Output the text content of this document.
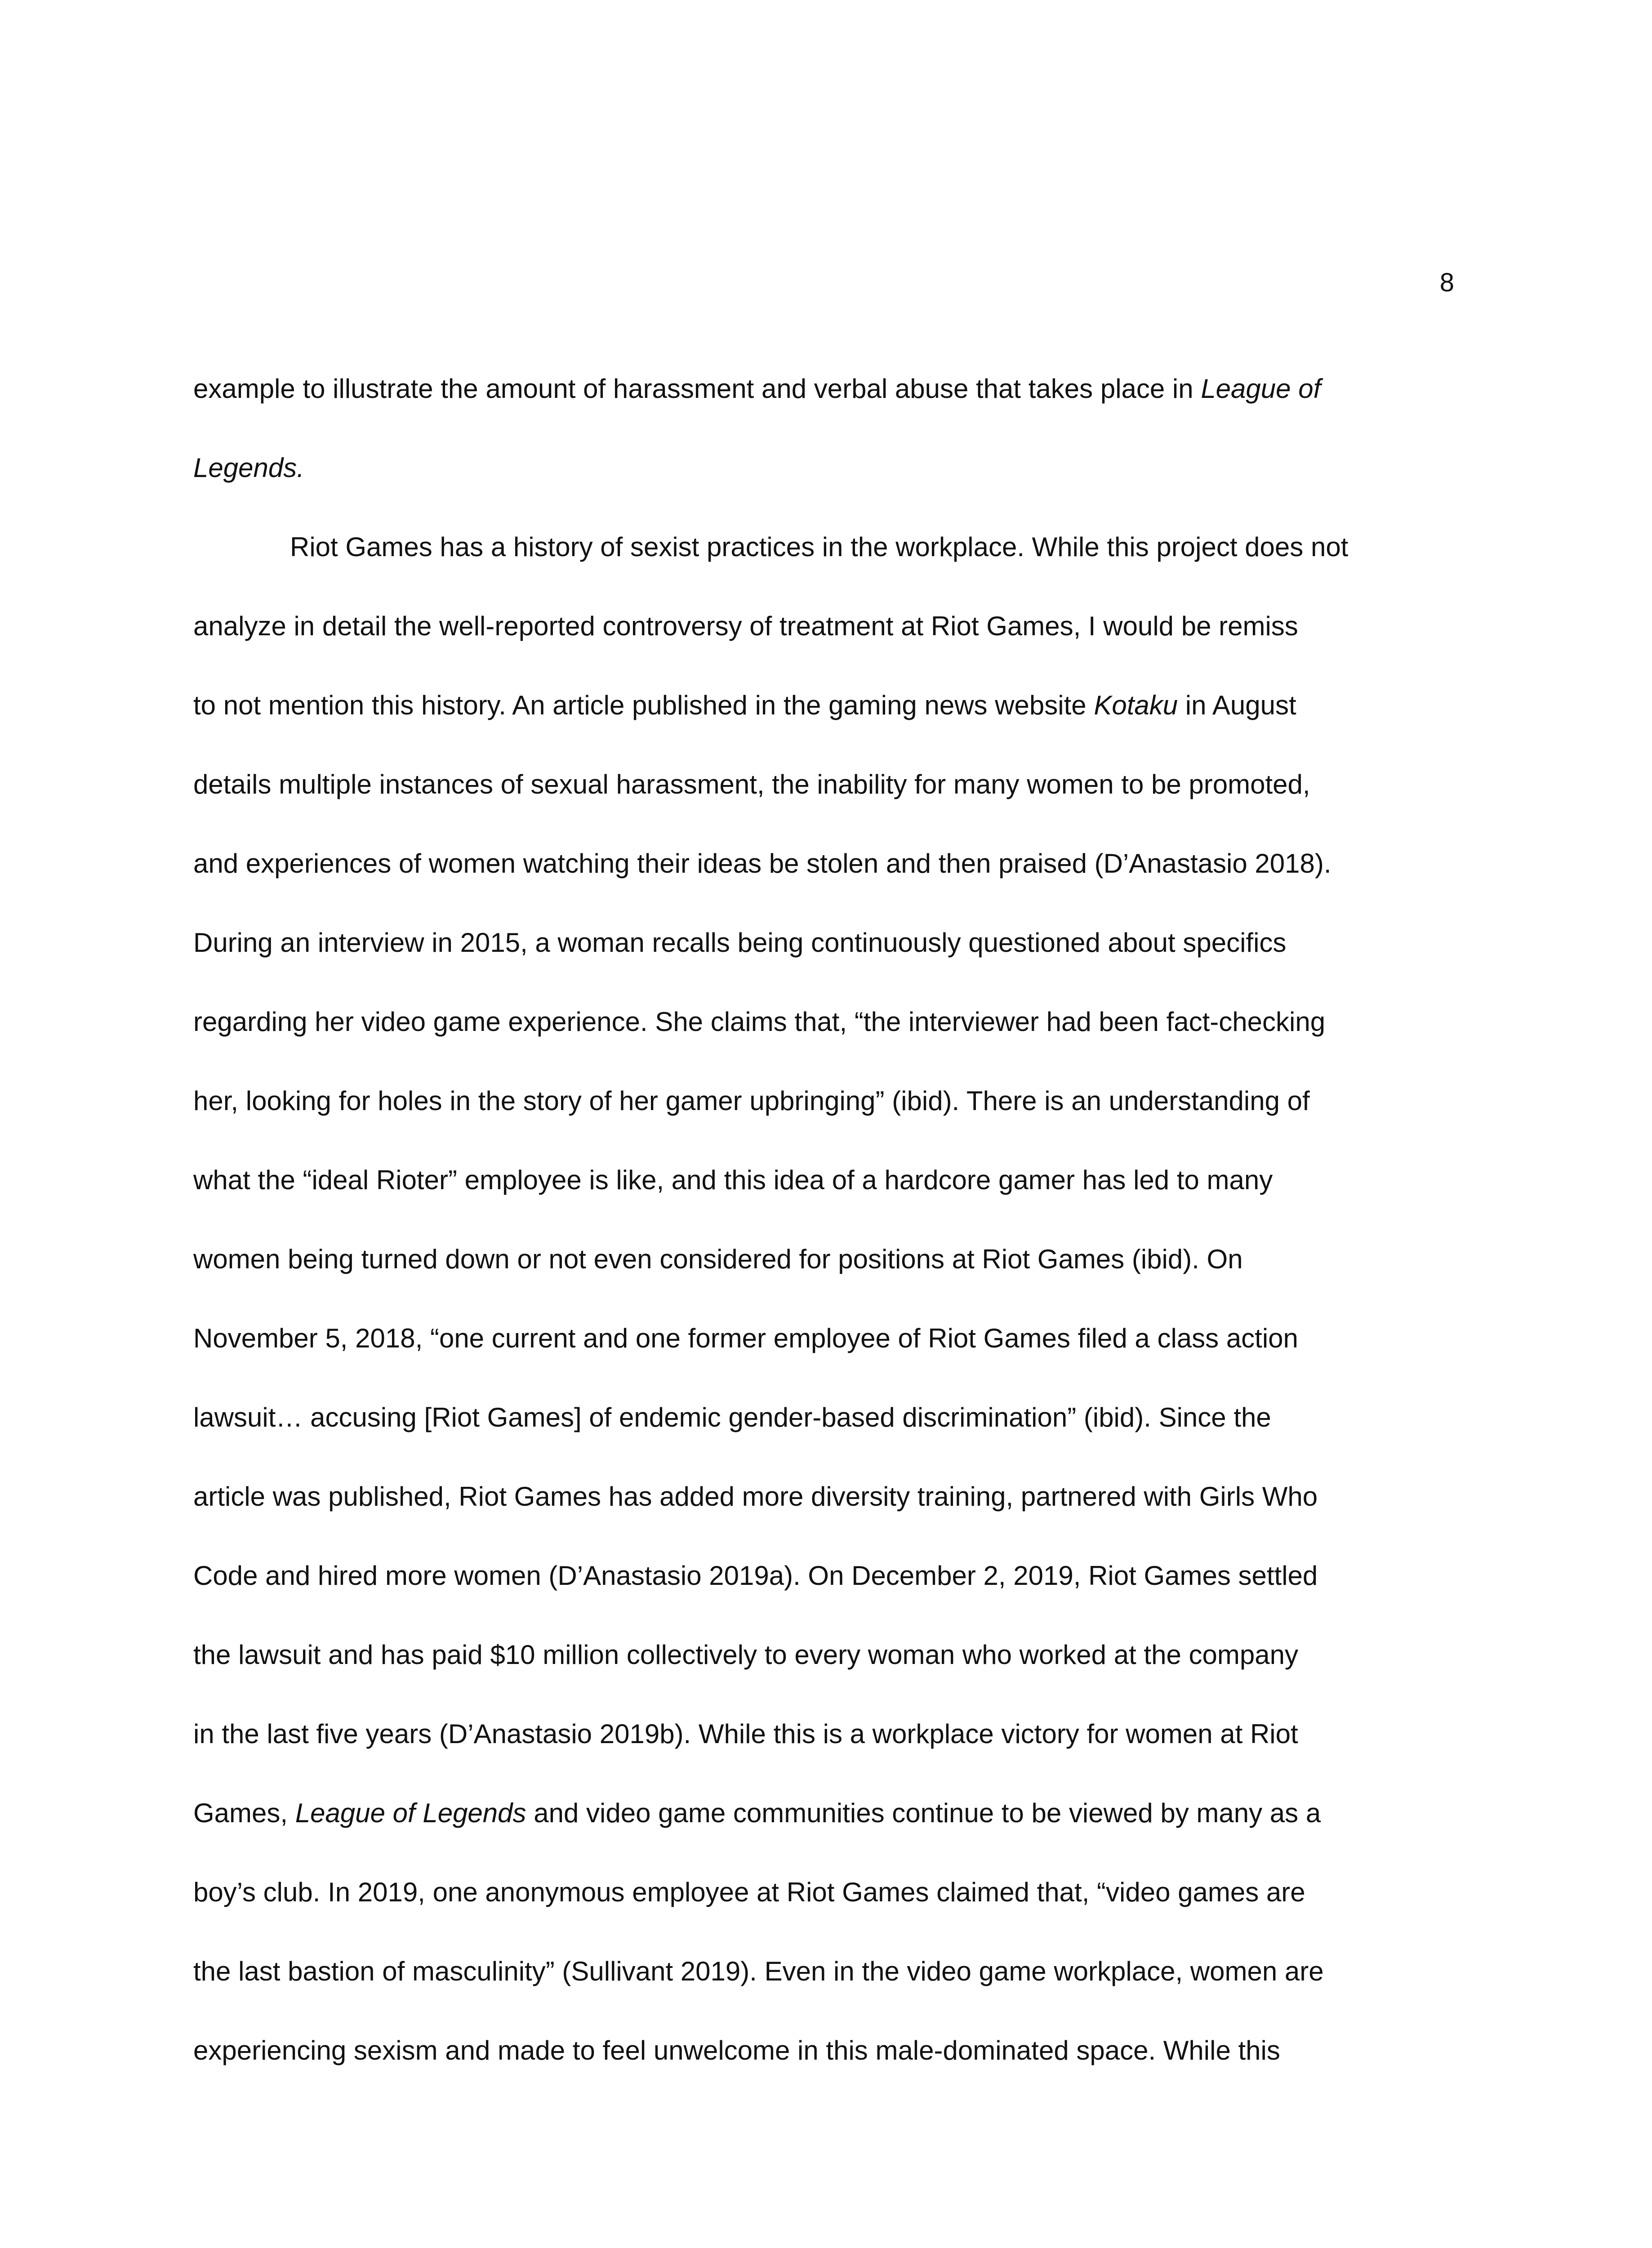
8
example to illustrate the amount of harassment and verbal abuse that takes place in League of
Legends.
Riot Games has a history of sexist practices in the workplace. While this project does not
analyze in detail the well-reported controversy of treatment at Riot Games, I would be remiss
to not mention this history. An article published in the gaming news website Kotaku in August
details multiple instances of sexual harassment, the inability for many women to be promoted,
and experiences of women watching their ideas be stolen and then praised (D’Anastasio 2018).
During an interview in 2015, a woman recalls being continuously questioned about specifics
regarding her video game experience. She claims that, “the interviewer had been fact-checking
her, looking for holes in the story of her gamer upbringing” (ibid). There is an understanding of
what the “ideal Rioter” employee is like, and this idea of a hardcore gamer has led to many
women being turned down or not even considered for positions at Riot Games (ibid). On
November 5, 2018, “one current and one former employee of Riot Games filed a class action
lawsuit… accusing [Riot Games] of endemic gender-based discrimination” (ibid). Since the
article was published, Riot Games has added more diversity training, partnered with Girls Who
Code and hired more women (D’Anastasio 2019a). On December 2, 2019, Riot Games settled
the lawsuit and has paid $10 million collectively to every woman who worked at the company
in the last five years (D’Anastasio 2019b). While this is a workplace victory for women at Riot
Games, League of Legends and video game communities continue to be viewed by many as a
boy’s club. In 2019, one anonymous employee at Riot Games claimed that, “video games are
the last bastion of masculinity” (Sullivant 2019). Even in the video game workplace, women are
experiencing sexism and made to feel unwelcome in this male-dominated space. While this
